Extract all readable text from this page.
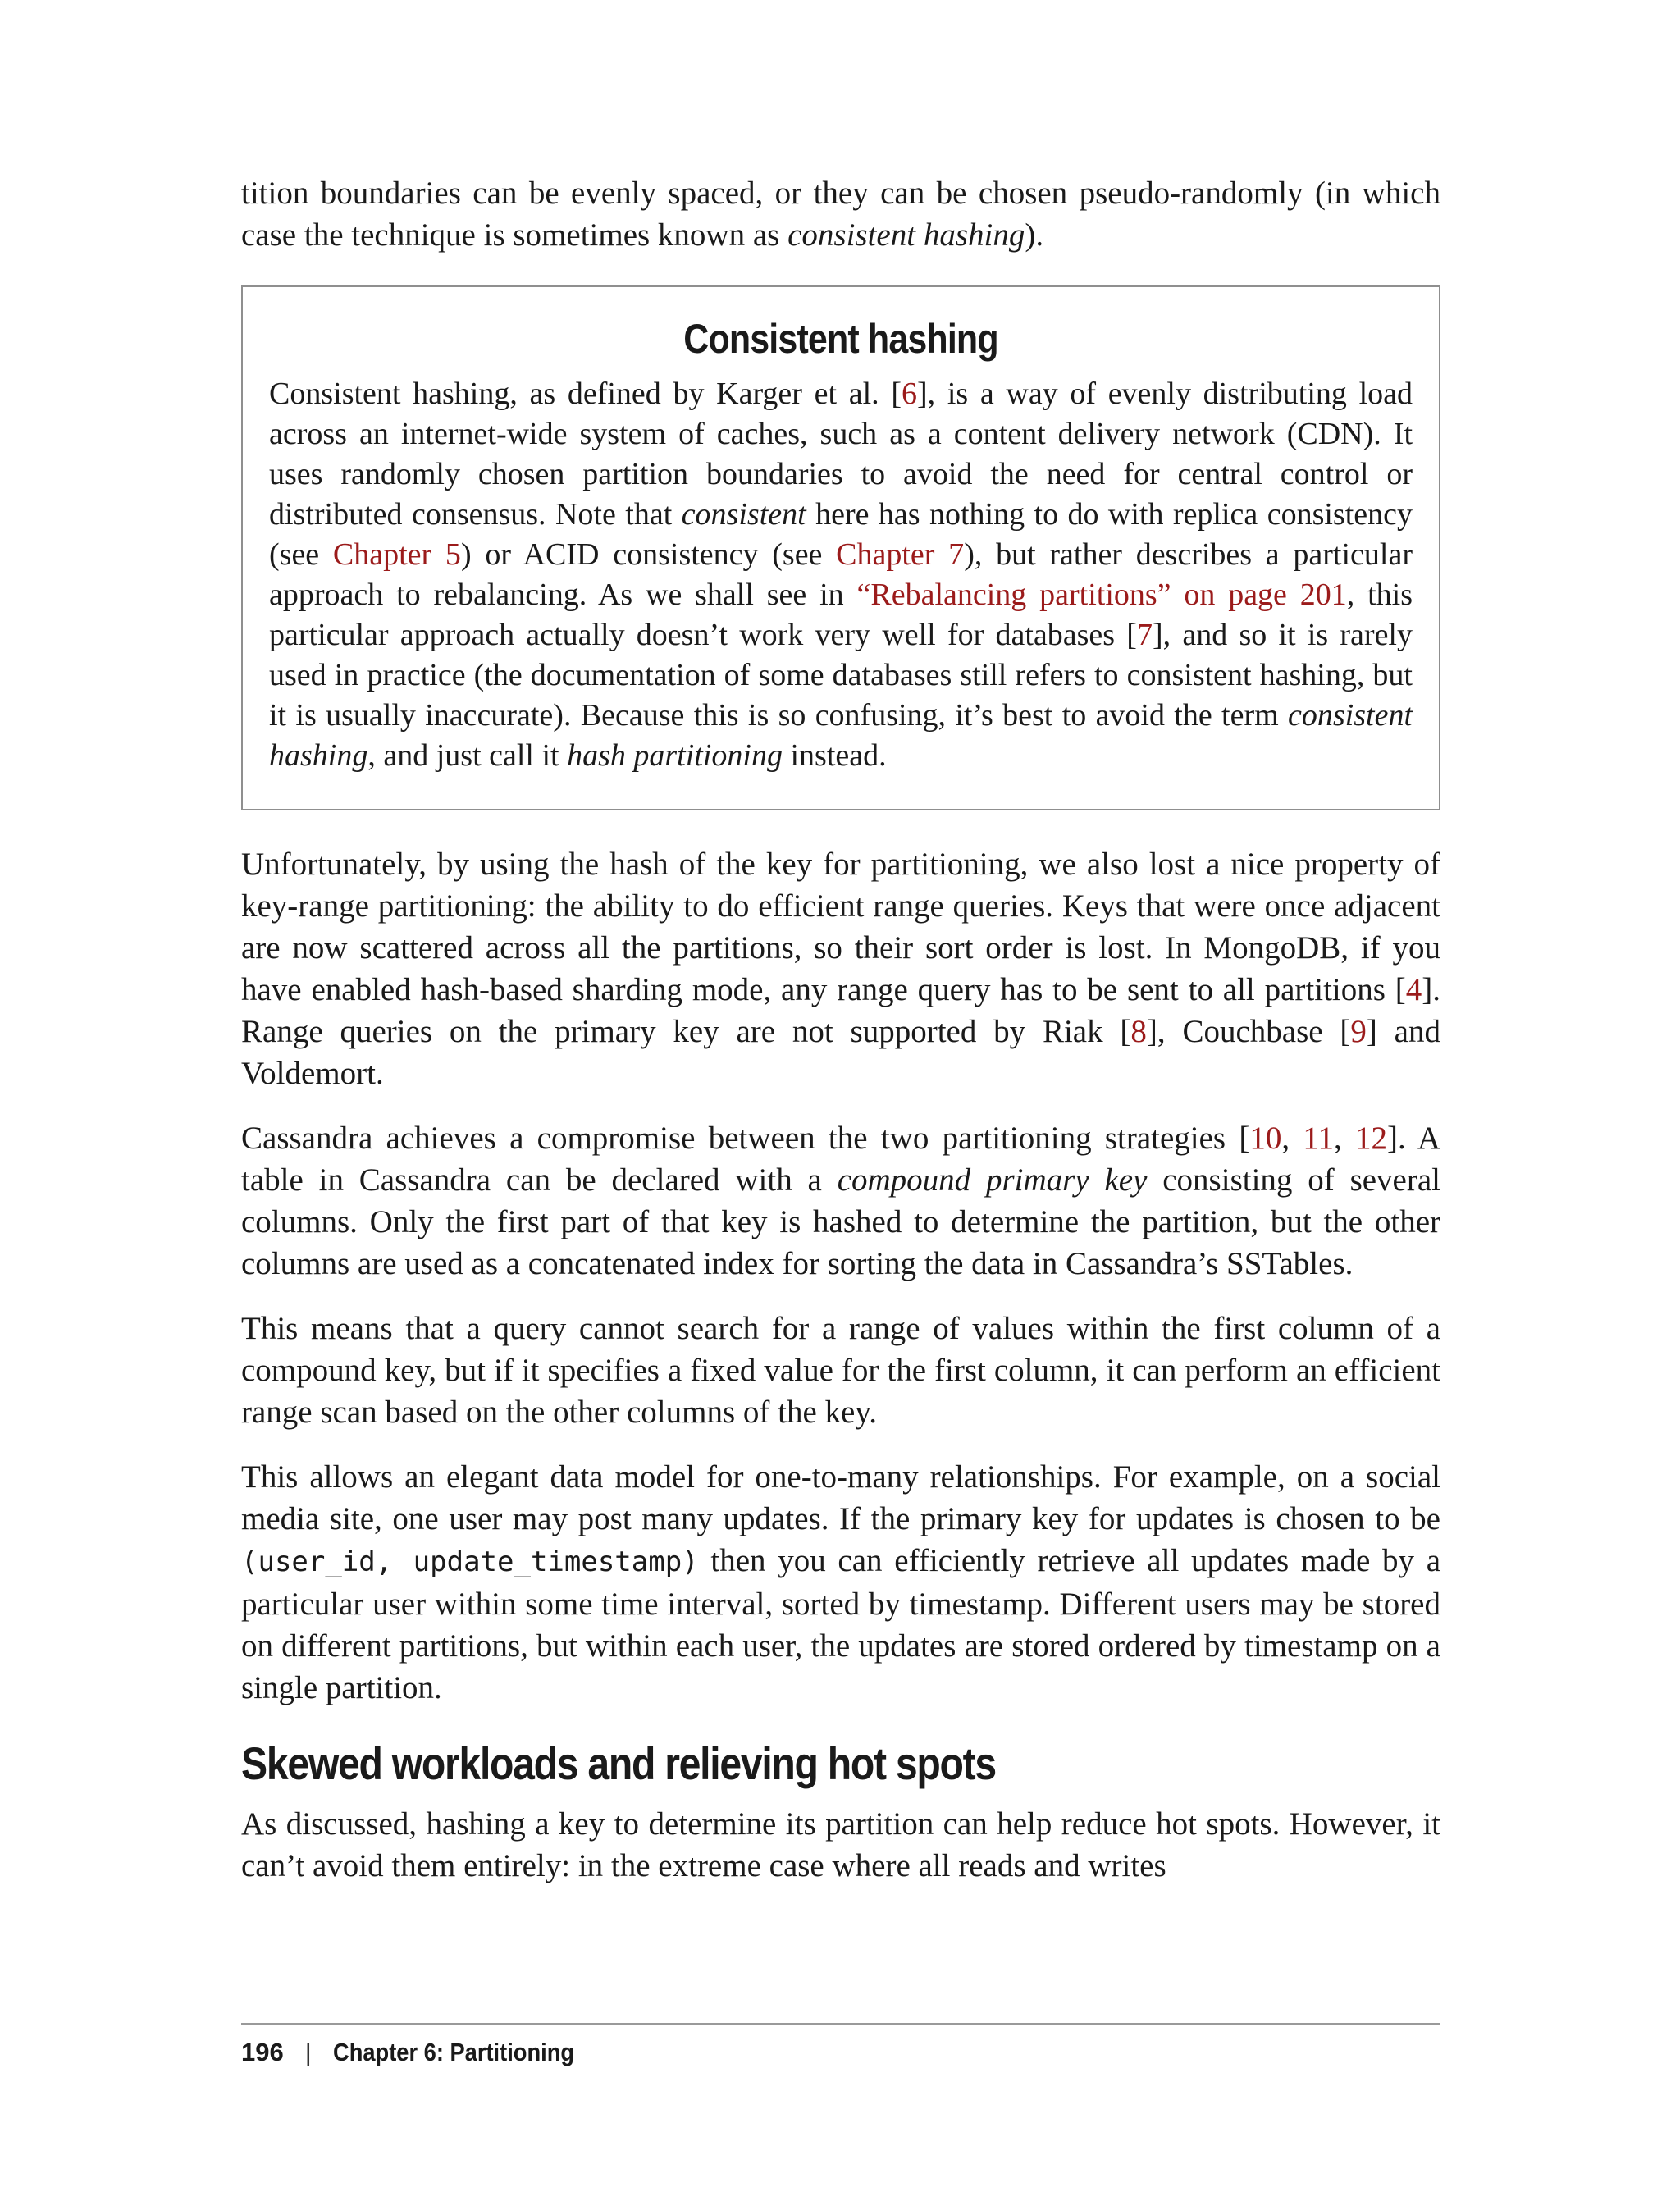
tition boundaries can be evenly spaced, or they can be chosen pseudo-randomly (in which case the technique is sometimes known as consistent hashing).

Consistent hashing

Consistent hashing, as defined by Karger et al. [6], is a way of evenly distributing load across an internet-wide system of caches, such as a content delivery network (CDN). It uses randomly chosen partition boundaries to avoid the need for central control or distributed consensus. Note that consistent here has nothing to do with replica consistency (see Chapter 5) or ACID consistency (see Chapter 7), but rather describes a particular approach to rebalancing. As we shall see in “Rebalancing partitions” on page 201, this particular approach actually doesn’t work very well for databases [7], and so it is rarely used in practice (the documentation of some databases still refers to consistent hashing, but it is usually inaccurate). Because this is so confusing, it’s best to avoid the term consistent hashing, and just call it hash partitioning instead.

Unfortunately, by using the hash of the key for partitioning, we also lost a nice property of key-range partitioning: the ability to do efficient range queries. Keys that were once adjacent are now scattered across all the partitions, so their sort order is lost. In MongoDB, if you have enabled hash-based sharding mode, any range query has to be sent to all partitions [4]. Range queries on the primary key are not supported by Riak [8], Couchbase [9] and Voldemort.

Cassandra achieves a compromise between the two partitioning strategies [10, 11, 12]. A table in Cassandra can be declared with a compound primary key consisting of several columns. Only the first part of that key is hashed to determine the partition, but the other columns are used as a concatenated index for sorting the data in Cassandra’s SSTables.

This means that a query cannot search for a range of values within the first column of a compound key, but if it specifies a fixed value for the first column, it can perform an efficient range scan based on the other columns of the key.

This allows an elegant data model for one-to-many relationships. For example, on a social media site, one user may post many updates. If the primary key for updates is chosen to be (user_id, update_timestamp) then you can efficiently retrieve all updates made by a particular user within some time interval, sorted by timestamp. Different users may be stored on different partitions, but within each user, the updates are stored ordered by timestamp on a single partition.

Skewed workloads and relieving hot spots

As discussed, hashing a key to determine its partition can help reduce hot spots. However, it can’t avoid them entirely: in the extreme case where all reads and writes

196 | Chapter 6: Partitioning
